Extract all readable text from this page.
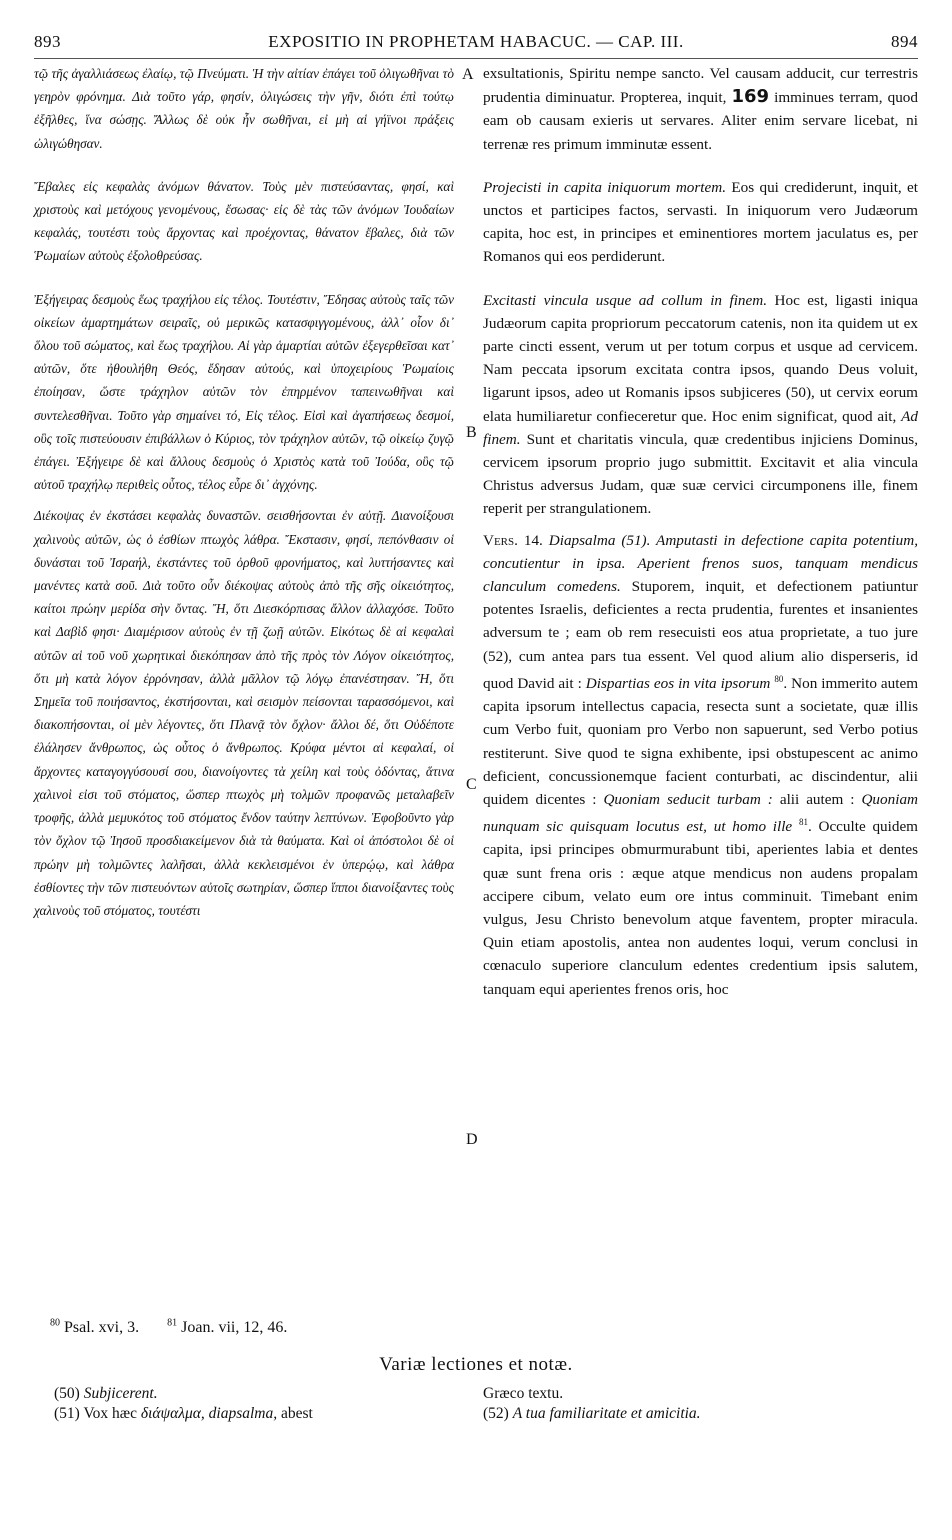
893	EXPOSITIO IN PROPHETAM HABACUC. — CAP. III.	894

τῷ τῆς ἀγαλλιάσεως ἐλαίῳ, τῷ Πνεύματι. Ἡ τὴν αἰτίαν ἐπάγει τοῦ ὀλιγωθῆναι τὸ γεηρὸν φρόνημα. Διὰ τοῦτο γάρ, φησίν, ὀλιγώσεις τὴν γῆν, διότι ἐπὶ τούτῳ ἐξῆλθες, ἵνα σώσῃς. Ἄλλως δὲ οὐκ ἦν σωθῆναι, εἰ μὴ αἱ γήϊνοι πράξεις ὠλιγώθησαν.

Ἔβαλες εἰς κεφαλὰς ἀνόμων θάνατον. Τοὺς μὲν πιστεύσαντας, φησί, καὶ χριστοὺς καὶ μετόχους γενομένους, ἔσωσας· εἰς δὲ τὰς τῶν ἀνόμων Ἰουδαίων κεφαλάς, τουτέστι τοὺς ἄρχοντας καὶ προέχοντας, θάνατον ἔβαλες, διὰ τῶν Ῥωμαίων αὐτοὺς ἐξολοθρεύσας.

Ἐξήγειρας δεσμοὺς ἕως τραχήλου εἰς τέλος. Τουτέστιν, Ἔδησας αὐτοὺς ταῖς τῶν οἰκείων ἁμαρτημάτων σειραῖς, οὐ μερικῶς κατασφιγγομένους, ἀλλ᾽ οἷον δι᾽ ὅλου τοῦ σώματος, καὶ ἕως τραχήλου. Αἱ γὰρ ἁμαρτίαι αὐτῶν ἐξεγερθεῖσαι κατ᾽ αὐτῶν, ὅτε ἠθουλήθη Θεός, ἔδησαν αὐτούς, καὶ ὑποχειρίους Ῥωμαίοις ἐποίησαν, ὥστε τράχηλον αὐτῶν τὸν ἐπηρμένον ταπεινωθῆναι καὶ συντελεσθῆναι. Τοῦτο γὰρ σημαίνει τό, Εἰς τέλος. Εἰσὶ καὶ ἀγαπήσεως δεσμοί, οὓς τοῖς πιστεύουσιν ἐπιβάλλων ὁ Κύριος, τὸν τράχηλον αὐτῶν, τῷ οἰκείῳ ζυγῷ ἐπάγει. Ἐξήγειρε δὲ καὶ ἄλλους δεσμοὺς ὁ Χριστὸς κατὰ τοῦ Ἰούδα, οὓς τῷ αὐτοῦ τραχήλῳ περιθεὶς οὗτος, τέλος εὗρε δι᾽ ἀγχόνης.

Διέκοψας ἐν ἐκστάσει κεφαλὰς δυναστῶν. σεισθήσονται ἐν αὐτῇ. Διανοίξουσι χαλινοὺς αὐτῶν, ὡς ὁ ἐσθίων πτωχὸς λάθρα. Ἔκστασιν, φησί, πεπόνθασιν οἱ δυνάσται τοῦ Ἰσραήλ, ἐκστάντες τοῦ ὀρθοῦ φρονήματος, καὶ λυττήσαντες καὶ μανέντες κατὰ σοῦ. Διὰ τοῦτο οὖν διέκοψας αὐτοὺς ἀπὸ τῆς σῆς οἰκειότητος, καίτοι πρώην μερίδα σὴν ὄντας. Ἤ, ὅτι Διεσκόρπισας ἄλλον ἀλλαχόσε. Τοῦτο καὶ Δαβὶδ φησι· Διαμέρισον αὐτοὺς ἐν τῇ ζωῇ αὐτῶν. Εἰκότως δὲ αἱ κεφαλαὶ αὐτῶν αἱ τοῦ νοῦ χωρητικαὶ διεκόπησαν ἀπὸ τῆς πρὸς τὸν Λόγον οἰκειότητος, ὅτι μὴ κατὰ λόγον ἐρρόνησαν, ἀλλὰ μᾶλλον τῷ λόγῳ ἐπανέστησαν. Ἤ, ὅτι Σημεῖα τοῦ ποιήσαντος, ἐκστήσονται, καὶ σεισμὸν πείσονται ταρασσόμενοι, καὶ διακοπήσονται, οἱ μὲν λέγοντες, ὅτι Πλανᾷ τὸν ὄχλον· ἄλλοι δέ, ὅτι Οὐδέποτε ἐλάλησεν ἄνθρωπος, ὡς οὗτος ὁ ἄνθρωπος. Κρύφα μέντοι αἱ κεφαλαί, οἱ ἄρχοντες καταγογγύσουσί σου, διανοίγοντες τὰ χείλη καὶ τοὺς ὀδόντας, ἅτινα χαλινοὶ εἰσι τοῦ στόματος, ὥσπερ πτωχὸς μὴ τολμῶν προφανῶς μεταλαβεῖν τροφῆς, ἀλλὰ μεμυκότος τοῦ στόματος ἔνδον ταύτην λεπτύνων. Ἐφοβοῦντο γὰρ τὸν ὄχλον τῷ Ἰησοῦ προσδιακείμενον διὰ τὰ θαύματα. Καὶ οἱ ἀπόστολοι δὲ οἱ πρώην μὴ τολμῶντες λαλῆσαι, ἀλλὰ κεκλεισμένοι ἐν ὑπερῴῳ, καὶ λάθρα ἐσθίοντες τὴν τῶν πιστευόντων αὐτοῖς σωτηρίαν, ὥσπερ ἵπποι διανοίξαντες τοὺς χαλινοὺς τοῦ στόματος, τουτέστι

A
B
C
D

exsultationis, Spiritu nempe sancto. Vel causam adducit, cur terrestris prudentia diminuatur. Propterea, inquit, 169 imminues terram, quod eam ob causam exieris ut servares. Aliter enim servare licebat, ni terrenæ res primum imminutæ essent.

Projecisti in capita iniquorum mortem. Eos qui crediderunt, inquit, et unctos et participes factos, servasti. In iniquorum vero Judæorum capita, hoc est, in principes et eminentiores mortem jaculatus es, per Romanos qui eos perdiderunt.

Excitasti vincula usque ad collum in finem. Hoc est, ligasti iniqua Judæorum capita propriorum peccatorum catenis, non ita quidem ut ex parte cincti essent, verum ut per totum corpus et usque ad cervicem. Nam peccata ipsorum excitata contra ipsos, quando Deus voluit, ligarunt ipsos, adeo ut Romanis ipsos subjiceres (50), ut cervix eorum elata humiliaretur confieceretur que. Hoc enim significat, quod ait, Ad finem. Sunt et charitatis vincula, quæ credentibus injiciens Dominus, cervicem ipsorum proprio jugo submittit. Excitavit et alia vincula Christus adversus Judam, quæ suæ cervici circumponens ille, finem reperit per strangulationem.

Vers. 14. Diapsalma (51). Amputasti in defectione capita potentium, concutientur in ipsa. Aperient frenos suos, tanquam mendicus clanculum comedens. Stuporem, inquit, et defectionem patiuntur potentes Israelis, deficientes a recta prudentia, furentes et insanientes adversum te ; eam ob rem resecuisti eos atua proprietate, a tuo jure (52), cum antea pars tua essent. Vel quod alium alio disperseris, id quod David ait : Dispartias eos in vita ipsorum $^{80}$. Non immerito autem capita ipsorum intellectus capacia, resecta sunt a societate, quæ illis cum Verbo fuit, quoniam pro Verbo non sapuerunt, sed Verbo potius restiterunt. Sive quod te signa exhibente, ipsi obstupescent ac animo deficient, concussionemque facient conturbati, ac discindentur, alii quidem dicentes : Quoniam seducit turbam : alii autem : Quoniam nunquam sic quisquam locutus est, ut homo ille $^{81}$. Occulte quidem capita, ipsi principes obmurmurabunt tibi, aperientes labia et dentes quæ sunt frena oris : æque atque mendicus non audens propalam accipere cibum, velato eum ore intus comminuit. Timebant enim vulgus, Jesu Christo benevolum atque faventem, propter miracula. Quin etiam apostolis, antea non audentes loqui, verum conclusi in cœnaculo superiore clanculum edentes credentium ipsis salutem, tanquam equi aperientes frenos oris, hoc

$^{80}$ Psal. xvi, 3.	$^{81}$ Joan. vii, 12, 46.
Variæ lectiones et notæ.

(50) Subjicerent.

(51) Vox hæc διάψαλμα, diapsalma, abest

Græco textu.

(52) A tua familiaritate et amicitia.
